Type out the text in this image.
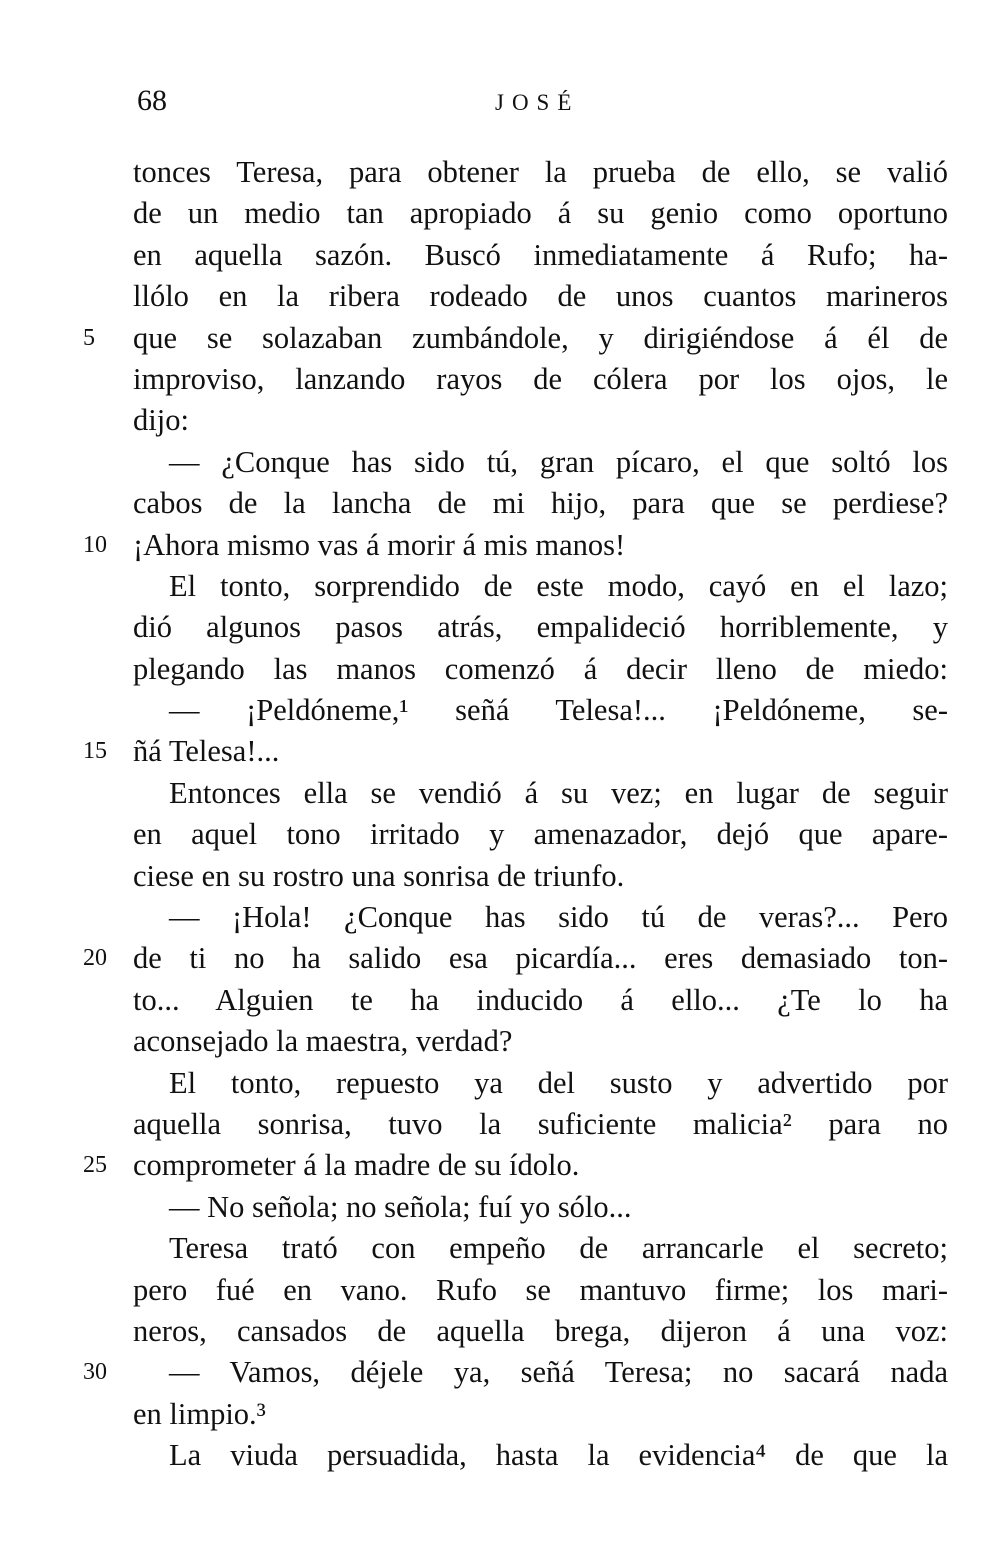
68	JOSÉ
tonces Teresa, para obtener la prueba de ello, se valió
de un medio tan apropiado á su genio como oportuno
en aquella sazón. Buscó inmediatamente á Rufo; ha-
llólo en la ribera rodeado de unos cuantos marineros
5	que se solazaban zumbándole, y dirigiéndose á él de
improviso, lanzando rayos de cólera por los ojos, le
dijo:
— ¿Conque has sido tú, gran pícaro, el que soltó los
cabos de la lancha de mi hijo, para que se perdiese?
10 ¡Ahora mismo vas á morir á mis manos!
El tonto, sorprendido de este modo, cayó en el lazo;
dió algunos pasos atrás, empalideció horriblemente, y
plegando las manos comenzó á decir lleno de miedo:
— ¡Peldóneme,¹ señá Telesa!... ¡Peldóneme, se-
15 ñá Telesa!...
Entonces ella se vendió á su vez; en lugar de seguir
en aquel tono irritado y amenazador, dejó que apare-
ciese en su rostro una sonrisa de triunfo.
— ¡Hola! ¿Conque has sido tú de veras?... Pero
20 de ti no ha salido esa picardía... eres demasiado ton-
to... Alguien te ha inducido á ello... ¿Te lo ha
aconsejado la maestra, verdad?
El tonto, repuesto ya del susto y advertido por
aquella sonrisa, tuvo la suficiente malicia² para no
25 comprometer á la madre de su ídolo.
— No señola; no señola; fuí yo sólo...
Teresa trató con empeño de arrancarle el secreto;
pero fué en vano. Rufo se mantuvo firme; los mari-
neros, cansados de aquella brega, dijeron á una voz:
30	— Vamos, déjele ya, señá Teresa; no sacará nada
en limpio.³
La viuda persuadida, hasta la evidencia⁴ de que la
